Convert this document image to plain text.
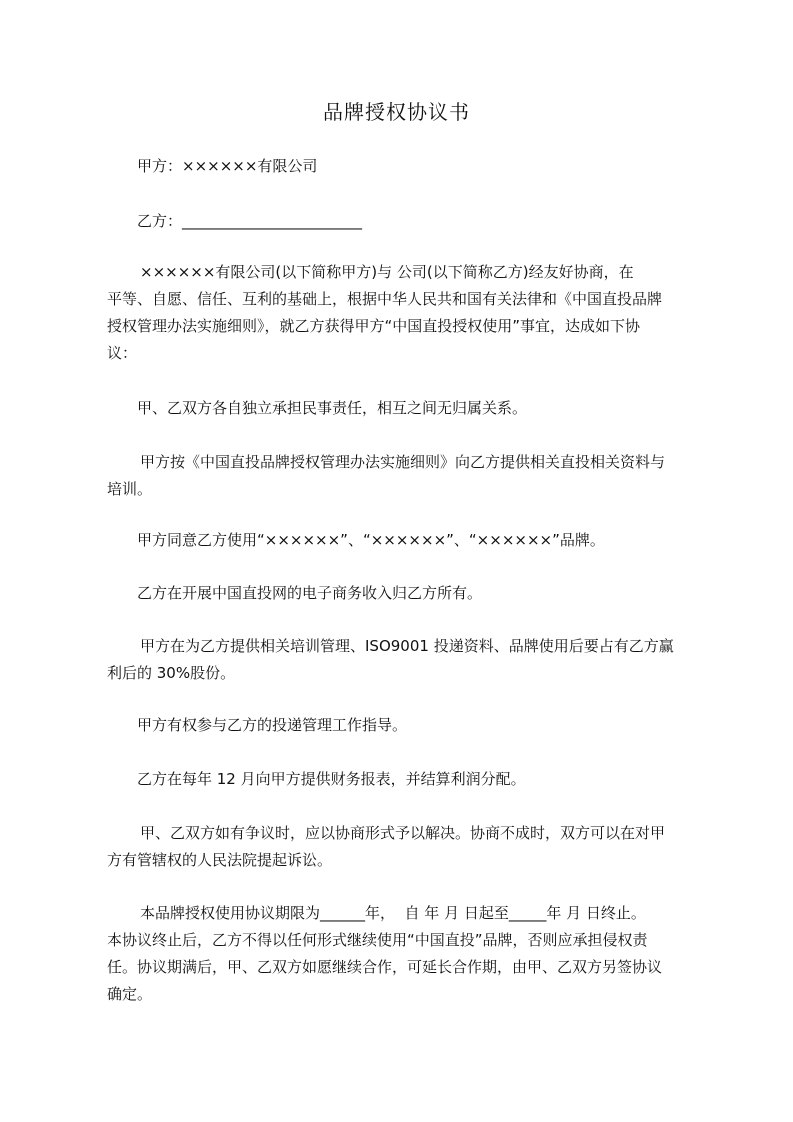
品牌授权协议书

甲方：××××××有限公司

乙方：________________________

××××××有限公司(以下简称甲方)与 公司(以下简称乙方)经友好协商，在
平等、自愿、信任、互利的基础上，根据中华人民共和国有关法律和《中国直投品牌
授权管理办法实施细则》，就乙方获得甲方“中国直投授权使用”事宜，达成如下协
议：

甲、乙双方各自独立承担民事责任，相互之间无归属关系。

甲方按《中国直投品牌授权管理办法实施细则》向乙方提供相关直投相关资料与
培训。

甲方同意乙方使用“××××××”、“××××××”、“××××××”品牌。

乙方在开展中国直投网的电子商务收入归乙方所有。

甲方在为乙方提供相关培训管理、ISO9001 投递资料、品牌使用后要占有乙方赢
利后的 30%股份。

甲方有权参与乙方的投递管理工作指导。

乙方在每年 12 月向甲方提供财务报表，并结算利润分配。

甲、乙双方如有争议时，应以协商形式予以解决。协商不成时，双方可以在对甲
方有管辖权的人民法院提起诉讼。
本品牌授权使用协议期限为______年，  自 年 月 日起至_____年 月 日终止。
本协议终止后，乙方不得以任何形式继续使用“中国直投”品牌，否则应承担侵权责
任。协议期满后，甲、乙双方如愿继续合作，可延长合作期，由甲、乙双方另签协议
确定。
